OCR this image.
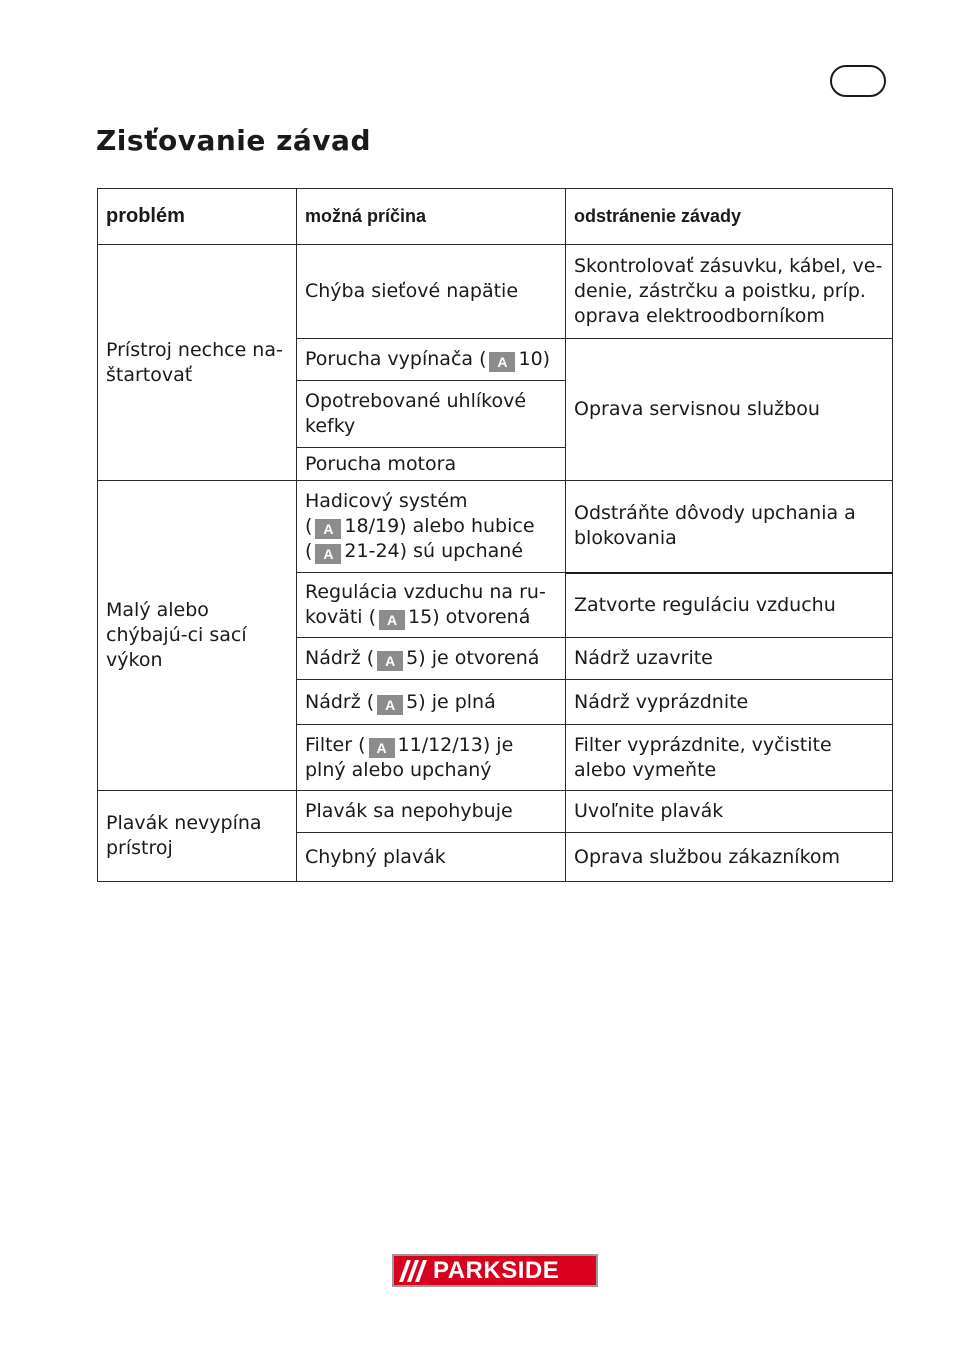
Zisťovanie závad
problém	možná príčina	odstránenie závady
Prístroj nechce na-štartovať	Chýba sieťové napätie	Skontrolovať zásuvku, kábel, ve-denie, zástrčku a poistku, príp. oprava elektroodborníkom
	Porucha vypínača ( A 10)	Oprava servisnou službou
	Opotrebované uhlíkové kefky	
	Porucha motora	
Malý alebo chýbajú-ci sací výkon	Hadicový systém
( A 18/19) alebo hubice
( A 21-24) sú upchané	Odstráňte dôvody upchania a blokovania
	Regulácia vzduchu na ru-koväti ( A 15) otvorená	Zatvorte reguláciu vzduchu
	Nádrž ( A 5) je otvorená	Nádrž uzavrite
	Nádrž ( A 5) je plná	Nádrž vyprázdnite
	Filter ( A 11/12/13) je plný alebo upchaný	Filter vyprázdnite, vyčistite alebo vymeňte
Plavák nevypína prístroj	Plavák sa nepohybuje	Uvoľnite plavák
	Chybný plavák	Oprava službou zákazníkom
PARKSIDE
